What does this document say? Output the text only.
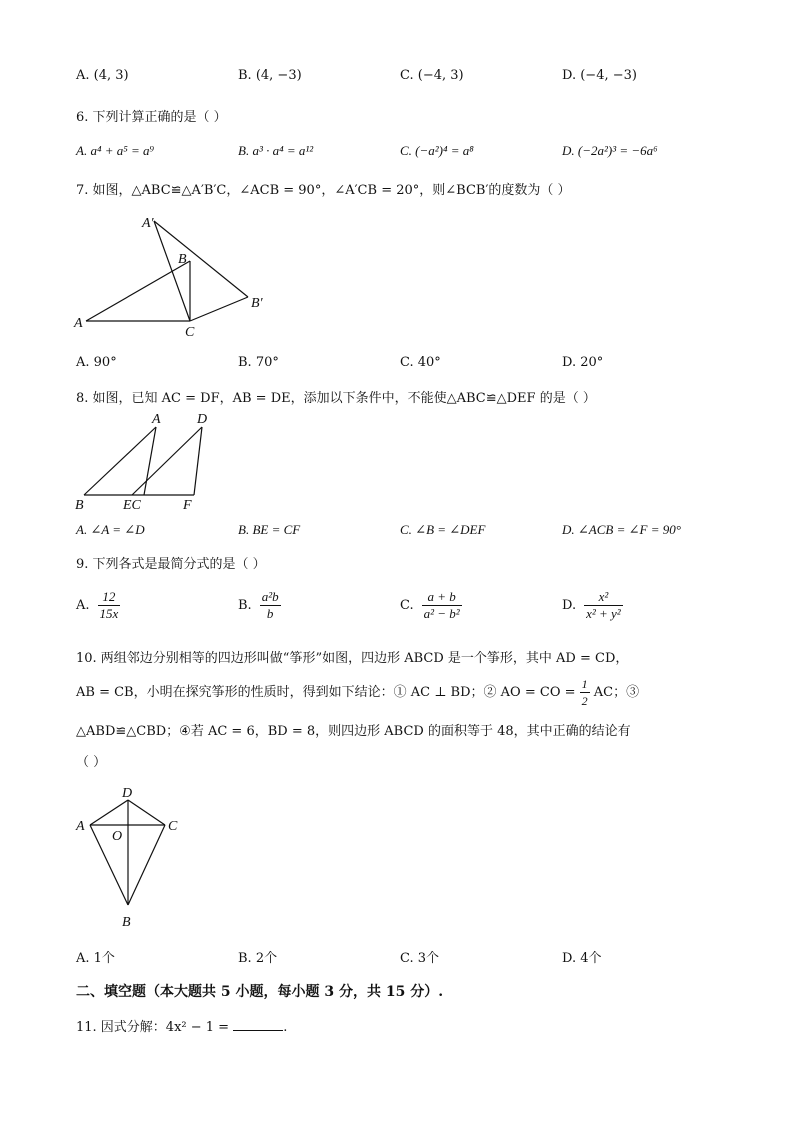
A. (4, 3)	B. (4, −3)	C. (−4, 3)	D. (−4, −3)
6. 下列计算正确的是（ ）
A. a⁴ + a⁵ = a⁹	B. a³ · a⁴ = a¹²	C. (−a²)⁴ = a⁸	D. (−2a²)³ = −6a⁶
7. 如图，△ABC≌△A′B′C，∠ACB = 90°，∠A′CB = 20°，则∠BCB′的度数为（ ）
A′
B
B′
A
C
A. 90°	B. 70°	C. 40°	D. 20°
8. 如图，已知 AC = DF，AB = DE，添加以下条件中，不能使△ABC≌△DEF 的是（ ）
A	D
B	EC	F
A. ∠A = ∠D	B. BE = CF	C. ∠B = ∠DEF	D. ∠ACB = ∠F = 90°
9. 下列各式是最简分式的是（ ）
A. $\frac{12}{15x}$	B. $\frac{\text{a²b}}{b}$	C. $\frac{a + b}{\text{a² − b²}}$	D. $\frac{\text{x²}}{\text{x² + y²}}$
10. 两组邻边分别相等的四边形叫做“筝形”如图，四边形 ABCD 是一个筝形，其中 AD = CD，
AB = CB，小明在探究筝形的性质时，得到如下结论：① AC ⊥ BD；② AO = CO = $\frac{1}{2}$ AC；③
△ABD≌△CBD；④若 AC = 6，BD = 8，则四边形 ABCD 的面积等于 48，其中正确的结论有
（ ）
D
A
O
C
B
A. 1个	B. 2个	C. 3个	D. 4个
二、填空题（本大题共 5 小题，每小题 3 分，共 15 分）.
11. 因式分解：4x² − 1 =	.
